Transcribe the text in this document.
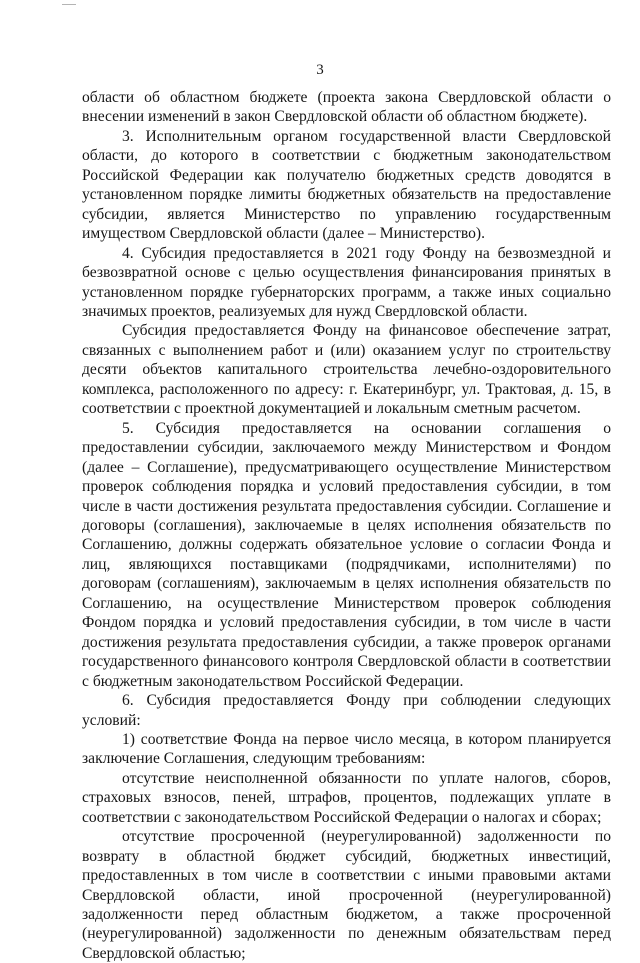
3

области об областном бюджете (проекта закона Свердловской области о внесении изменений в закон Свердловской области об областном бюджете).

3. Исполнительным органом государственной власти Свердловской области, до которого в соответствии с бюджетным законодательством Российской Федерации как получателю бюджетных средств доводятся в установленном порядке лимиты бюджетных обязательств на предоставление субсидии, является Министерство по управлению государственным имуществом Свердловской области (далее – Министерство).

4. Субсидия предоставляется в 2021 году Фонду на безвозмездной и безвозвратной основе с целью осуществления финансирования принятых в установленном порядке губернаторских программ, а также иных социально значимых проектов, реализуемых для нужд Свердловской области.

Субсидия предоставляется Фонду на финансовое обеспечение затрат, связанных с выполнением работ и (или) оказанием услуг по строительству десяти объектов капитального строительства лечебно-оздоровительного комплекса, расположенного по адресу: г. Екатеринбург, ул. Трактовая, д. 15, в соответствии с проектной документацией и локальным сметным расчетом.

5. Субсидия предоставляется на основании соглашения о предоставлении субсидии, заключаемого между Министерством и Фондом (далее – Соглашение), предусматривающего осуществление Министерством проверок соблюдения порядка и условий предоставления субсидии, в том числе в части достижения результата предоставления субсидии. Соглашение и договоры (соглашения), заключаемые в целях исполнения обязательств по Соглашению, должны содержать обязательное условие о согласии Фонда и лиц, являющихся поставщиками (подрядчиками, исполнителями) по договорам (соглашениям), заключаемым в целях исполнения обязательств по Соглашению, на осуществление Министерством проверок соблюдения Фондом порядка и условий предоставления субсидии, в том числе в части достижения результата предоставления субсидии, а также проверок органами государственного финансового контроля Свердловской области в соответствии с бюджетным законодательством Российской Федерации.

6. Субсидия предоставляется Фонду при соблюдении следующих условий:

1) соответствие Фонда на первое число месяца, в котором планируется заключение Соглашения, следующим требованиям:

отсутствие неисполненной обязанности по уплате налогов, сборов, страховых взносов, пеней, штрафов, процентов, подлежащих уплате в соответствии с законодательством Российской Федерации о налогах и сборах;

отсутствие просроченной (неурегулированной) задолженности по возврату в областной бюджет субсидий, бюджетных инвестиций, предоставленных в том числе в соответствии с иными правовыми актами Свердловской области, иной просроченной (неурегулированной) задолженности перед областным бюджетом, а также просроченной (неурегулированной) задолженности по денежным обязательствам перед Свердловской областью;
